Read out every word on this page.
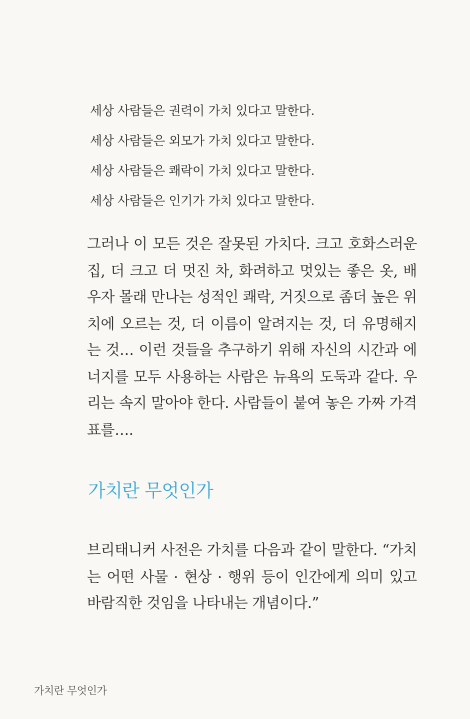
세상 사람들은 권력이 가치 있다고 말한다.
세상 사람들은 외모가 가치 있다고 말한다.
세상 사람들은 쾌락이 가치 있다고 말한다.
세상 사람들은 인기가 가치 있다고 말한다.

그러나 이 모든 것은 잘못된 가치다. 크고 호화스러운 집, 더 크고 더 멋진 차, 화려하고 멋있는 좋은 옷, 배우자 몰래 만나는 성적인 쾌락, 거짓으로 좀더 높은 위치에 오르는 것, 더 이름이 알려지는 것, 더 유명해지는 것… 이런 것들을 추구하기 위해 자신의 시간과 에너지를 모두 사용하는 사람은 뉴욕의 도둑과 같다. 우리는 속지 말아야 한다. 사람들이 붙여 놓은 가짜 가격표를….

가치란 무엇인가

브리태니커 사전은 가치를 다음과 같이 말한다. “가치는 어떤 사물 · 현상 · 행위 등이 인간에게 의미 있고 바람직한 것임을 나타내는 개념이다.”

가치란 무엇인가
